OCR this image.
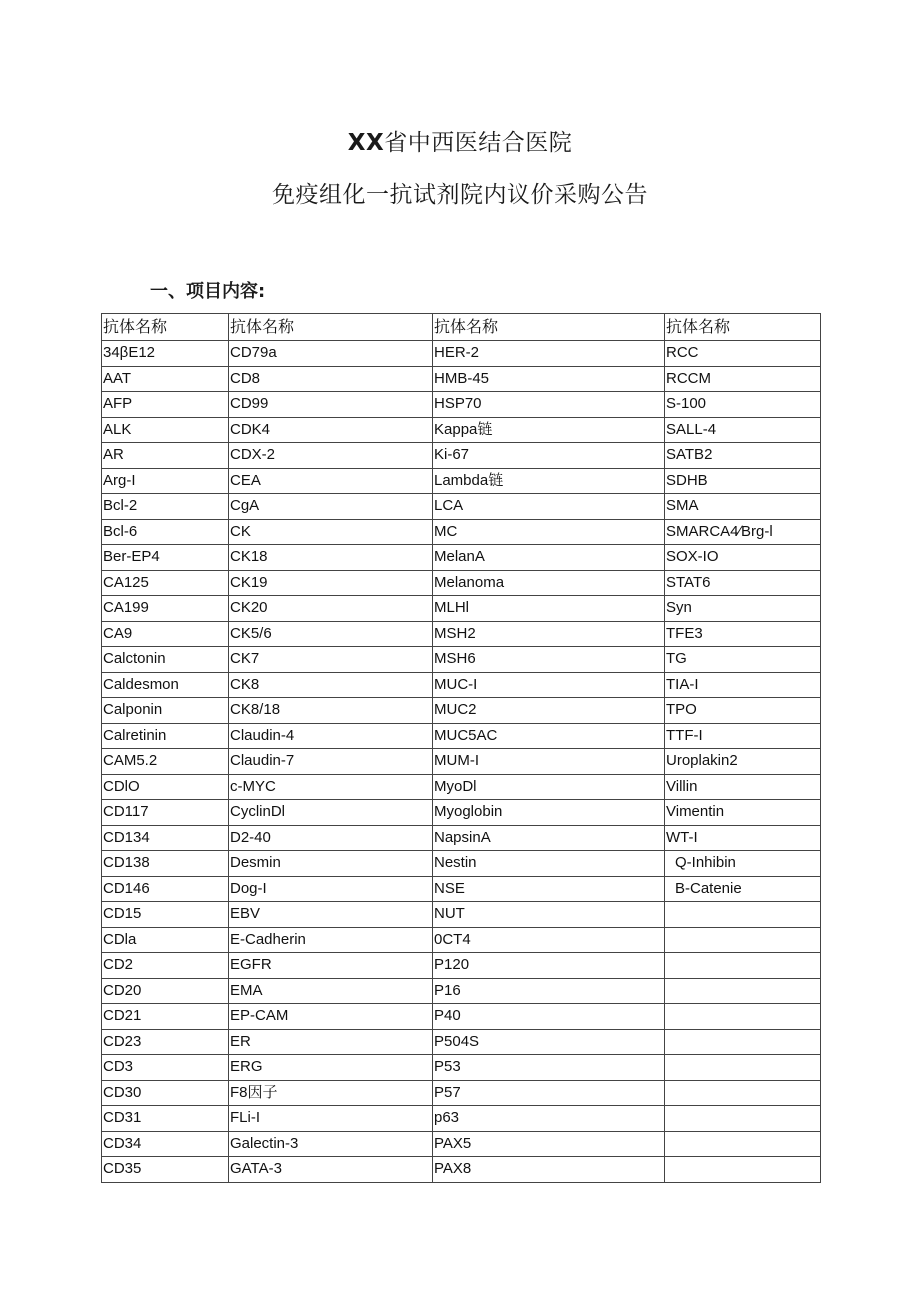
XX省中西医结合医院
免疫组化一抗试剂院内议价采购公告
一、项目内容:
抗体名称	抗体名称	抗体名称	抗体名称
34βE12	CD79a	HER-2	RCC
AAT	CD8	HMB-45	RCCM
AFP	CD99	HSP70	S-100
ALK	CDK4	Kappa链	SALL-4
AR	CDX-2	Ki-67	SATB2
Arg-I	CEA	Lambda链	SDHB
Bcl-2	CgA	LCA	SMA
Bcl-6	CK	MC	SMARCA4∕Brg-l
Ber-EP4	CK18	MelanA	SOX-IO
CA125	CK19	Melanoma	STAT6
CA199	CK20	MLHl	Syn
CA9	CK5/6	MSH2	TFE3
Calctonin	CK7	MSH6	TG
Caldesmon	CK8	MUC-I	TIA-I
Calponin	CK8/18	MUC2	TPO
Calretinin	Claudin-4	MUC5AC	TTF-I
CAM5.2	Claudin-7	MUM-I	Uroplakin2
CDlO	c-MYC	MyoDl	Villin
CD117	CyclinDl	Myoglobin	Vimentin
CD134	D2-40	NapsinA	WT-I
CD138	Desmin	Nestin	Q-Inhibin
CD146	Dog-I	NSE	B-Catenie
CD15	EBV	NUT	
CDla	E-Cadherin	0CT4	
CD2	EGFR	P120	
CD20	EMA	P16	
CD21	EP-CAM	P40	
CD23	ER	P504S	
CD3	ERG	P53	
CD30	F8因子	P57	
CD31	FLi-I	p63	
CD34	Galectin-3	PAX5	
CD35	GATA-3	PAX8	
